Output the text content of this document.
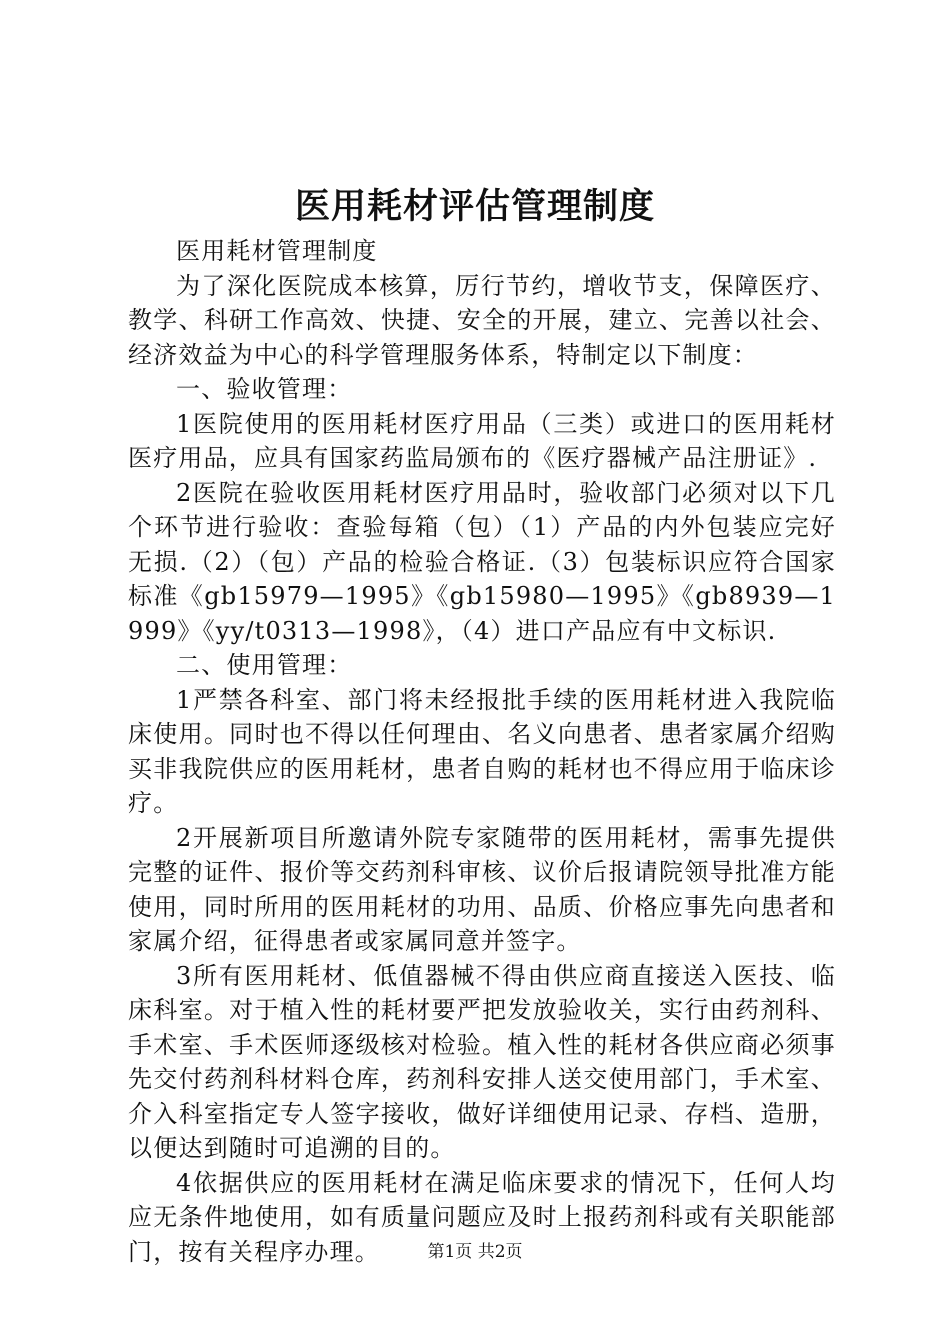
医用耗材评估管理制度

医用耗材管理制度

为了深化医院成本核算，厉行节约，增收节支，保障医疗、教学、科研工作高效、快捷、安全的开展，建立、完善以社会、经济效益为中心的科学管理服务体系，特制定以下制度：

一、验收管理：

1医院使用的医用耗材医疗用品（三类）或进口的医用耗材医疗用品，应具有国家药监局颁布的《医疗器械产品注册证》.

2医院在验收医用耗材医疗用品时，验收部门必须对以下几个环节进行验收：查验每箱（包）（1）产品的内外包装应完好无损.（2）（包）产品的检验合格证.（3）包装标识应符合国家标准《gb15979—1995》《gb15980—1995》《gb8939—1999》《yy/t0313—1998》，（4）进口产品应有中文标识.

二、使用管理：

1严禁各科室、部门将未经报批手续的医用耗材进入我院临床使用。同时也不得以任何理由、名义向患者、患者家属介绍购买非我院供应的医用耗材，患者自购的耗材也不得应用于临床诊疗。

2开展新项目所邀请外院专家随带的医用耗材，需事先提供完整的证件、报价等交药剂科审核、议价后报请院领导批准方能使用，同时所用的医用耗材的功用、品质、价格应事先向患者和家属介绍，征得患者或家属同意并签字。

3所有医用耗材、低值器械不得由供应商直接送入医技、临床科室。对于植入性的耗材要严把发放验收关，实行由药剂科、手术室、手术医师逐级核对检验。植入性的耗材各供应商必须事先交付药剂科材料仓库，药剂科安排人送交使用部门，手术室、介入科室指定专人签字接收，做好详细使用记录、存档、造册，以便达到随时可追溯的目的。

4依据供应的医用耗材在满足临床要求的情况下，任何人均应无条件地使用，如有质量问题应及时上报药剂科或有关职能部门，按有关程序办理。	第1页 共2页
